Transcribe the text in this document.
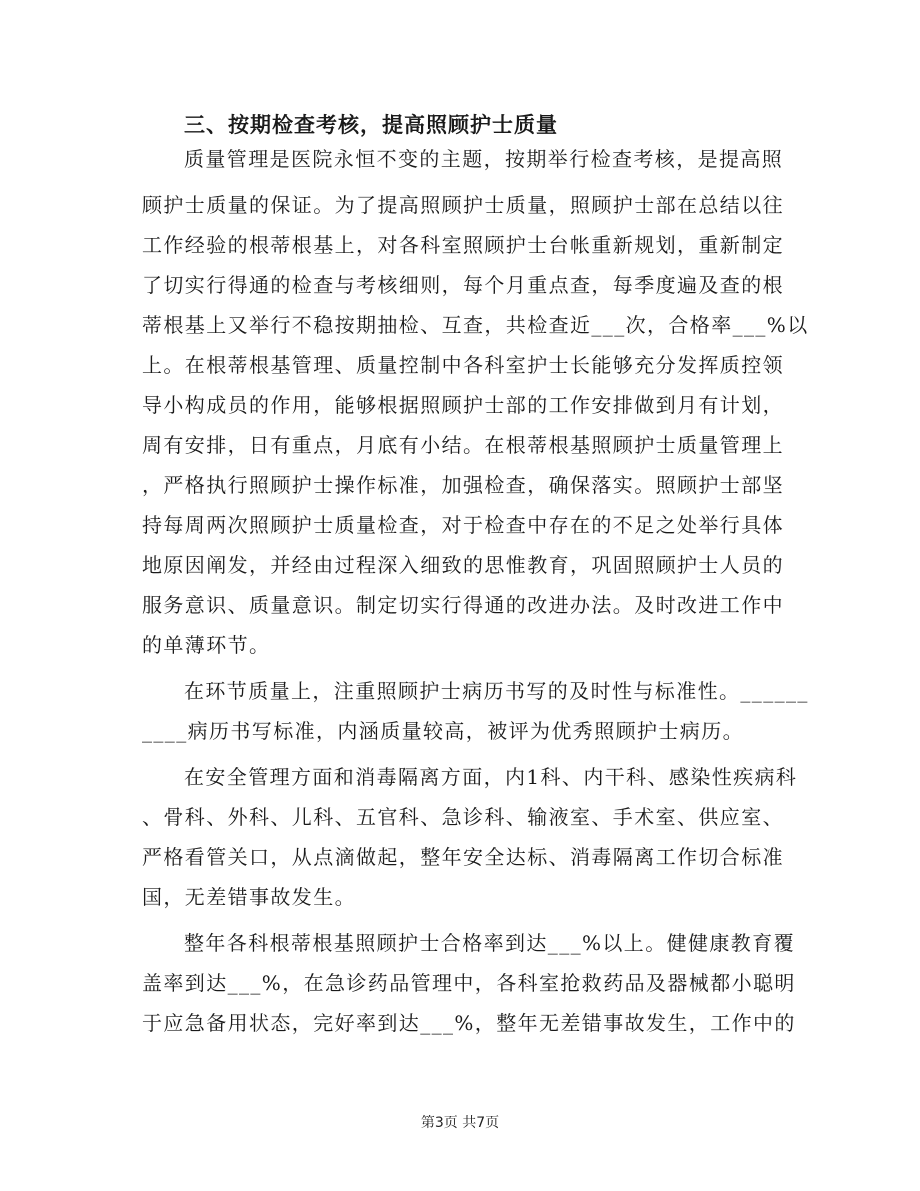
三、按期检查考核，提高照顾护士质量
质量管理是医院永恒不变的主题，按期举行检查考核，是提高照
顾护士质量的保证。为了提高照顾护士质量，照顾护士部在总结以往
工作经验的根蒂根基上，对各科室照顾护士台帐重新规划，重新制定
了切实行得通的检查与考核细则，每个月重点查，每季度遍及查的根
蒂根基上又举行不稳按期抽检、互查，共检查近___次，合格率___%以
上。在根蒂根基管理、质量控制中各科室护士长能够充分发挥质控领
导小构成员的作用，能够根据照顾护士部的工作安排做到月有计划，
周有安排，日有重点，月底有小结。在根蒂根基照顾护士质量管理上
，严格执行照顾护士操作标准，加强检查，确保落实。照顾护士部坚
持每周两次照顾护士质量检查，对于检查中存在的不足之处举行具体
地原因阐发，并经由过程深入细致的思惟教育，巩固照顾护士人员的
服务意识、质量意识。制定切实行得通的改进办法。及时改进工作中
的单薄环节。
在环节质量上，注重照顾护士病历书写的及时性与标准性。______
____病历书写标准，内涵质量较高，被评为优秀照顾护士病历。
在安全管理方面和消毒隔离方面，内1科、内干科、感染性疾病科
、骨科、外科、儿科、五官科、急诊科、输液室、手术室、供应室、
严格看管关口，从点滴做起，整年安全达标、消毒隔离工作切合标准
国，无差错事故发生。
整年各科根蒂根基照顾护士合格率到达___%以上。健健康教育覆
盖率到达___%，在急诊药品管理中，各科室抢救药品及器械都小聪明
于应急备用状态，完好率到达___%，整年无差错事故发生，工作中的
第3页 共7页
